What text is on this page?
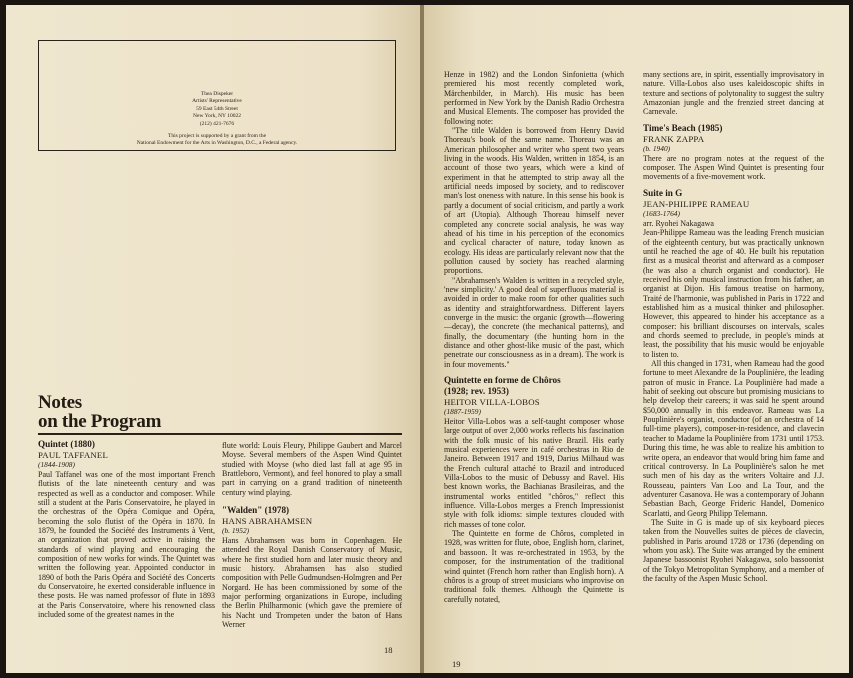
Thea Dispeker
Artists' Representative
59 East 54th Street
New York, NY 10022
(212) 421-7676
This project is supported by a grant from the
National Endowment for the Arts in Washington, D.C., a Federal agency.
Notes
on the Program
Quintet (1880)
PAUL TAFFANEL
(1844-1908)

Paul Taffanel was one of the most important French flutists of the late nineteenth century and was respected as well as a conductor and composer. While still a student at the Paris Conservatoire, he played in the orchestras of the Opéra Comique and Opéra, becoming the solo flutist of the Opéra in 1870. In 1879, he founded the Société des Instruments à Vent, an organization that proved active in raising the standards of wind playing and encouraging the composition of new works for winds. The Quintet was written the following year. Appointed conductor in 1890 of both the Paris Opéra and Société des Concerts du Conservatoire, he exerted considerable influence in these posts. He was named professor of flute in 1893 at the Paris Conservatoire, where his renowned class included some of the greatest names in the

flute world: Louis Fleury, Philippe Gaubert and Marcel Moyse. Several members of the Aspen Wind Quintet studied with Moyse (who died last fall at age 95 in Brattleboro, Vermont), and feel honored to play a small part in carrying on a grand tradition of nineteenth century wind playing.

"Walden" (1978)
HANS ABRAHAMSEN
(b. 1952)

Hans Abrahamsen was born in Copenhagen. He attended the Royal Danish Conservatory of Music, where he first studied horn and later music theory and music history. Abrahamsen has also studied composition with Pelle Gudmundsen-Holmgren and Per Norgard. He has been commissioned by some of the major performing organizations in Europe, including the Berlin Philharmonic (which gave the premiere of his Nacht und Trompeten under the baton of Hans Werner

18

Henze in 1982) and the London Sinfonietta (which premiered his most recently completed work, Märchenbilder, in March). His music has been performed in New York by the Danish Radio Orchestra and Musical Elements. The composer has provided the following note:

"The title Walden is borrowed from Henry David Thoreau's book of the same name. Thoreau was an American philosopher and writer who spent two years living in the woods. His Walden, written in 1854, is an account of those two years, which were a kind of experiment in that he attempted to strip away all the artificial needs imposed by society, and to rediscover man's lost oneness with nature. In this sense his book is partly a document of social criticism, and partly a work of art (Utopia). Although Thoreau himself never completed any concrete social analysis, he was way ahead of his time in his perception of the economics and cyclical character of nature, today known as ecology. His ideas are particularly relevant now that the pollution caused by society has reached alarming proportions.

"Abrahamsen's Walden is written in a recycled style, 'new simplicity.' A good deal of superfluous material is avoided in order to make room for other qualities such as identity and straightforwardness. Different layers converge in the music: the organic (growth—flowering—decay), the concrete (the mechanical patterns), and finally, the documentary (the hunting horn in the distance and other ghost-like music of the past, which penetrate our consciousness as in a dream). The work is in four movements."

Quintette en forme de Chôros
(1928; rev. 1953)
HEITOR VILLA-LOBOS
(1887-1959)

Heitor Villa-Lobos was a self-taught composer whose large output of over 2,000 works reflects his fascination with the folk music of his native Brazil. His early musical experiences were in café orchestras in Rio de Janeiro. Between 1917 and 1919, Darius Milhaud was the French cultural attaché to Brazil and introduced Villa-Lobos to the music of Debussy and Ravel. His best known works, the Bachianas Brasileiras, and the instrumental works entitled "chôros," reflect this influence. Villa-Lobos merges a French Impressionist style with folk idioms: simple textures clouded with rich masses of tone color.

The Quintette en forme de Chôros, completed in 1928, was written for flute, oboe, English horn, clarinet, and bassoon. It was re-orchestrated in 1953, by the composer, for the instrumentation of the traditional wind quintet (French horn rather than English horn). A chôros is a group of street musicians who improvise on traditional folk themes. Although the Quintette is carefully notated,

many sections are, in spirit, essentially improvisatory in nature. Villa-Lobos also uses kaleidoscopic shifts in texture and sections of polytonality to suggest the sultry Amazonian jungle and the frenzied street dancing at Carnevale.

Time's Beach (1985)
FRANK ZAPPA
(b. 1940)

There are no program notes at the request of the composer. The Aspen Wind Quintet is presenting four movements of a five-movement work.

Suite in G
JEAN-PHILIPPE RAMEAU
(1683-1764)
arr. Ryohei Nakagawa

Jean-Philippe Rameau was the leading French musician of the eighteenth century, but was practically unknown until he reached the age of 40. He built his reputation first as a musical theorist and afterward as a composer (he was also a church organist and conductor). He received his only musical instruction from his father, an organist at Dijon. His famous treatise on harmony, Traité de l'harmonie, was published in Paris in 1722 and established him as a musical thinker and philosopher. However, this appeared to hinder his acceptance as a composer: his brilliant discourses on intervals, scales and chords seemed to preclude, in people's minds at least, the possibility that his music would be enjoyable to listen to.

All this changed in 1731, when Rameau had the good fortune to meet Alexandre de la Pouplinière, the leading patron of music in France. La Pouplinière had made a habit of seeking out obscure but promising musicians to help develop their careers; it was said he spent around $50,000 annually in this endeavor. Rameau was La Pouplinière's organist, conductor (of an orchestra of 14 full-time players), composer-in-residence, and clavecin teacher to Madame la Pouplinière from 1731 until 1753. During this time, he was able to realize his ambition to write opera, an endeavor that would bring him fame and critical controversy. In La Pouplinière's salon he met such men of his day as the writers Voltaire and J.J. Rousseau, painters Van Loo and La Tour, and the adventurer Casanova. He was a contemporary of Johann Sebastian Bach, George Frideric Handel, Domenico Scarlatti, and Georg Philipp Telemann.

The Suite in G is made up of six keyboard pieces taken from the Nouvelles suites de pièces de clavecin, published in Paris around 1728 or 1736 (depending on whom you ask). The Suite was arranged by the eminent Japanese bassoonist Ryohei Nakagawa, solo bassoonist of the Tokyo Metropolitan Symphony, and a member of the faculty of the Aspen Music School.

19
